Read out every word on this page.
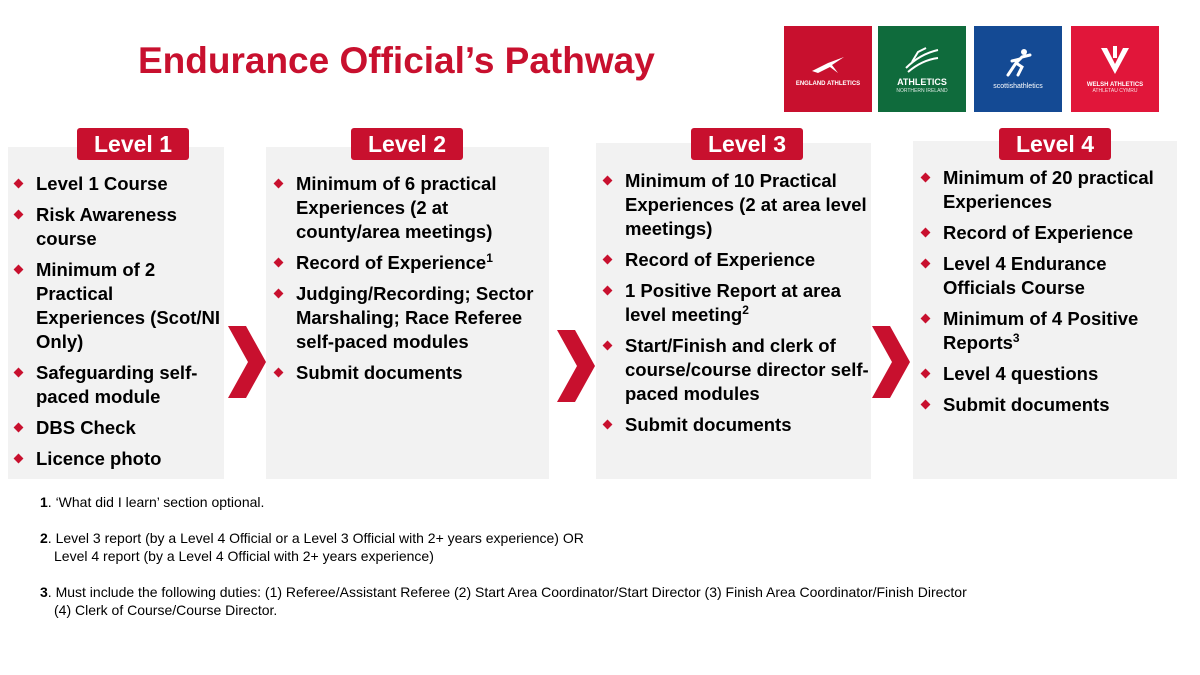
Endurance Official’s Pathway
ENGLAND ATHLETICS	ATHLETICS
NORTHERN IRELAND
scottishathletics	WELSH ATHLETICS
ATHLETAU CYMRU
Level 1
Level 1 Course
Risk Awareness course
Minimum of 2 Practical Experiences (Scot/NI Only)
Safeguarding self-paced module
DBS Check
Licence photo
Level 2
Minimum of 6 practical Experiences (2 at county/area meetings)
Record of Experience$^1$
Judging/Recording; Sector Marshaling; Race Referee self-paced modules
Submit documents
Level 3
Minimum of 10 Practical Experiences (2 at area level meetings)
Record of Experience
1 Positive Report at area level meeting$^2$
Start/Finish and clerk of course/course director self-paced modules
Submit documents
Level 4
Minimum of 20 practical Experiences
Record of Experience
Level 4 Endurance Officials Course
Minimum of 4 Positive Reports$^3$
Level 4 questions
Submit documents
1. ‘What did I learn’ section optional.
2. Level 3 report (by a Level 4 Official or a Level 3 Official with 2+ years experience) OR
Level 4 report (by a Level 4 Official with 2+ years experience)
3. Must include the following duties: (1) Referee/Assistant Referee (2) Start Area Coordinator/Start Director (3) Finish Area Coordinator/Finish Director
(4) Clerk of Course/Course Director.
